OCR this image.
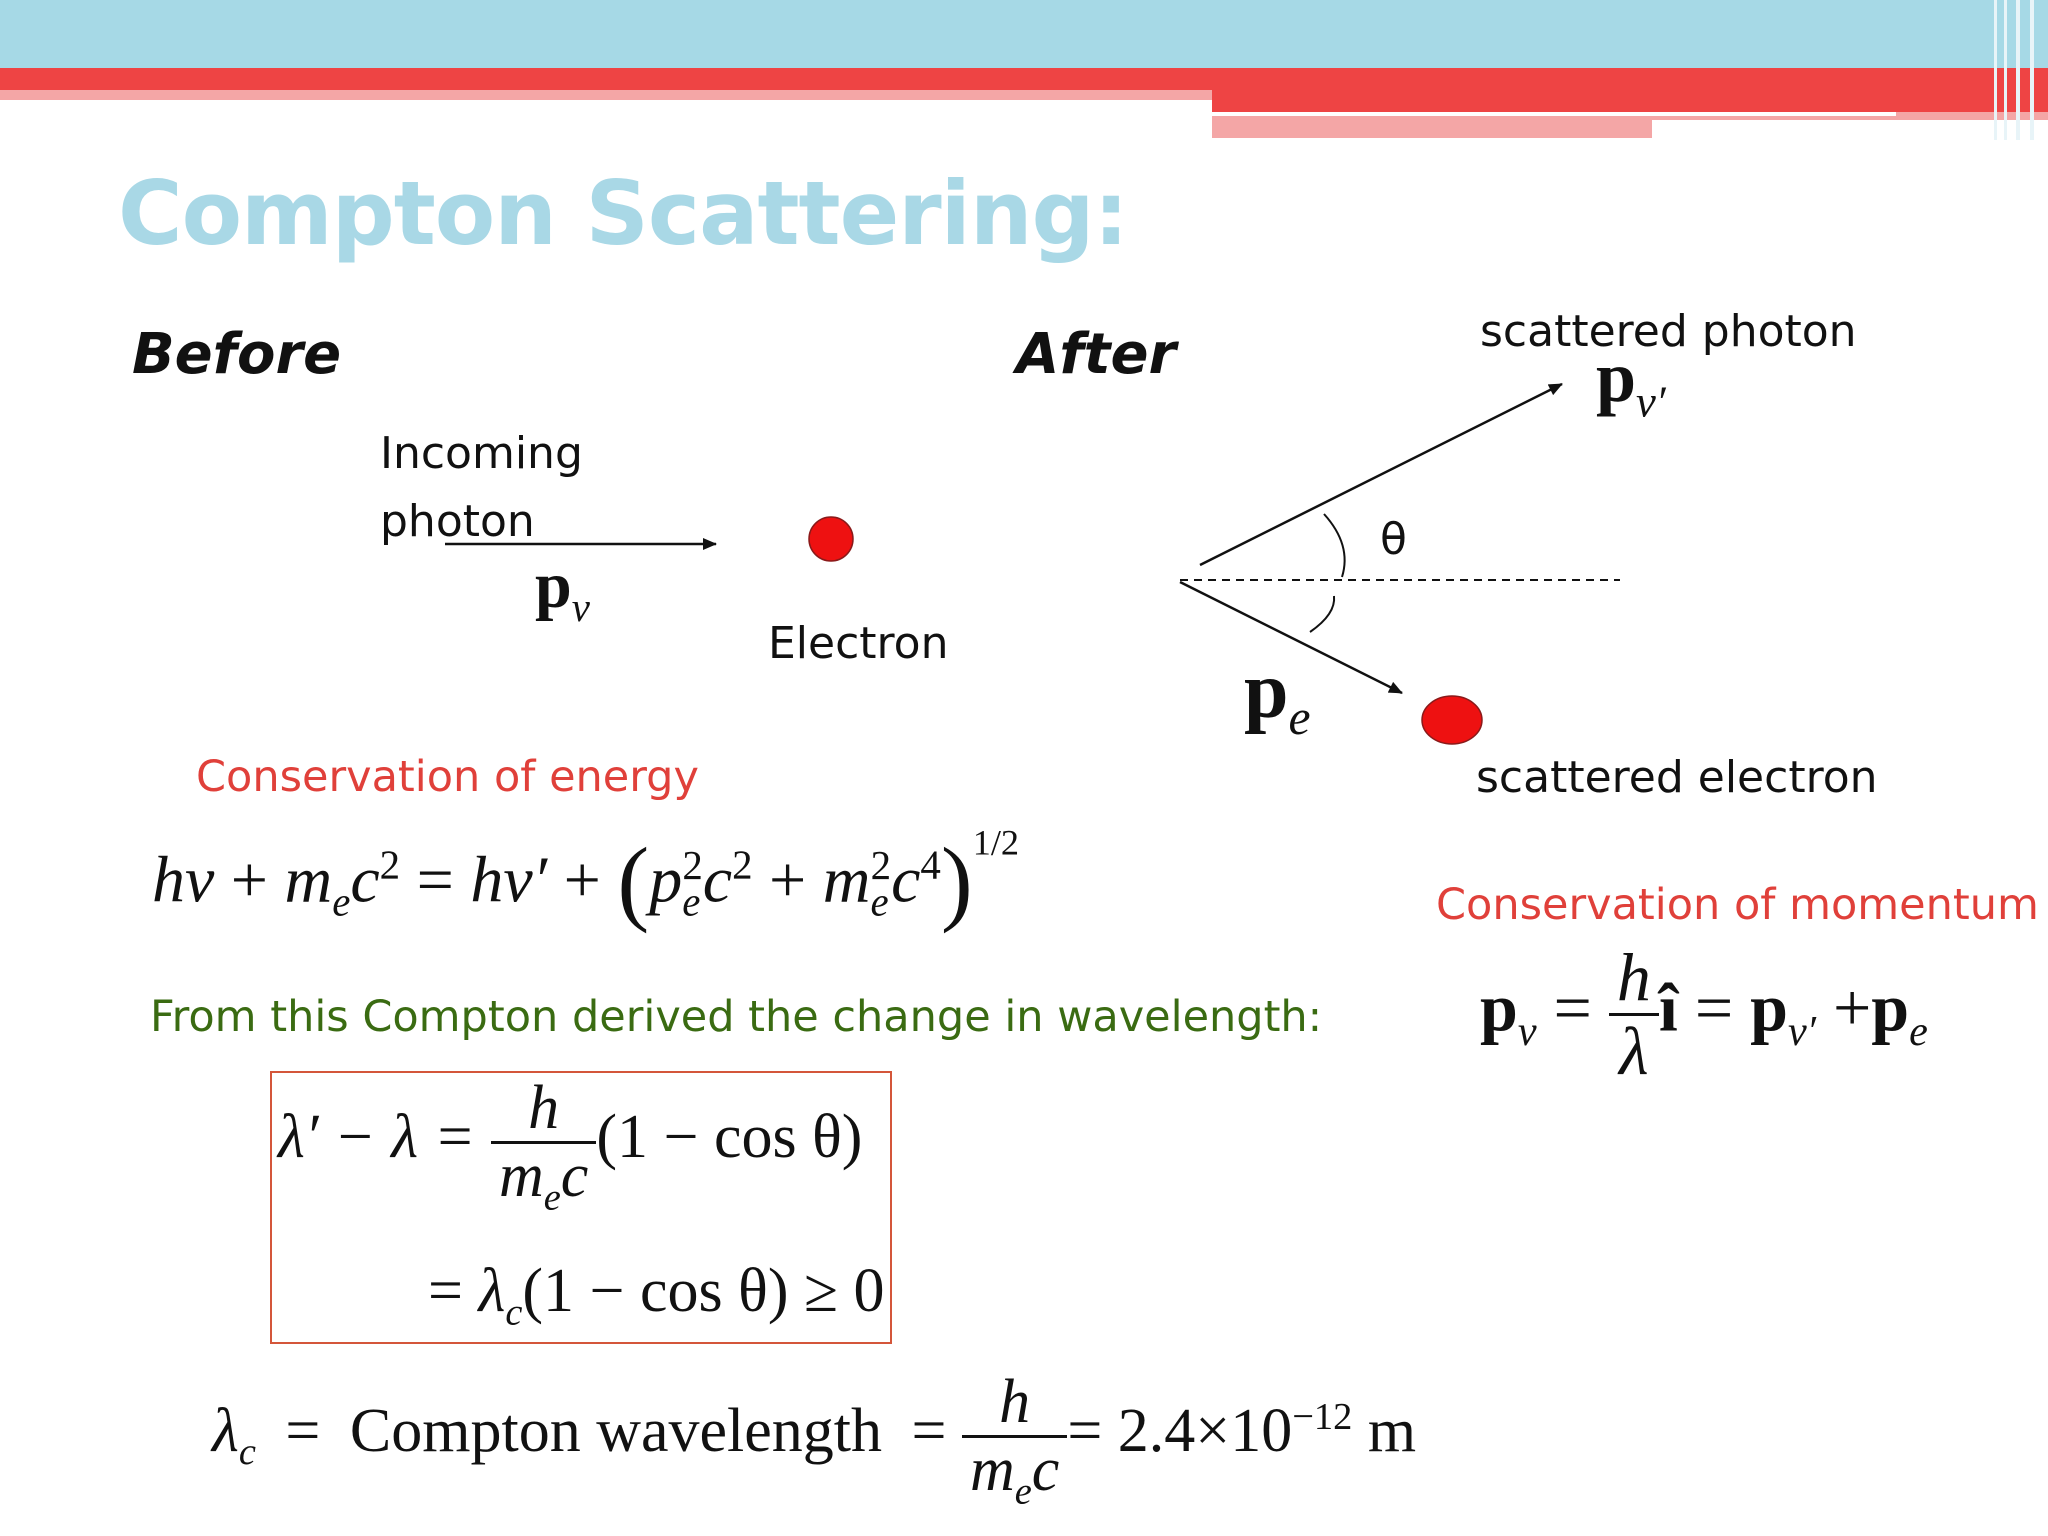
Compton Scattering:
Before
Incoming photon
$p_\nu$
Electron
After	scattered photon
$p_{\nu'}$
θ
$p_e$
scattered electron
Conservation of energy
$h\nu + m_ec^2 = h\nu' + (p_e^2c^2 + m_e^2c^4)^{1/2}$
Conservation of momentum
$p_\nu = \frac{h}{\lambda}$ î = $p_{\nu'} +p_e$
From this Compton derived the change in wavelength:
$\lambda' - \lambda = \frac{h}{m_ec} (1 - \cos \theta)$
= $\lambda_c(1 - \cos \theta) \ge 0$
$\lambda_c$ = Compton wavelength = $\frac{h}{m_ec} = 2.4\times 10^{-12}$ m
